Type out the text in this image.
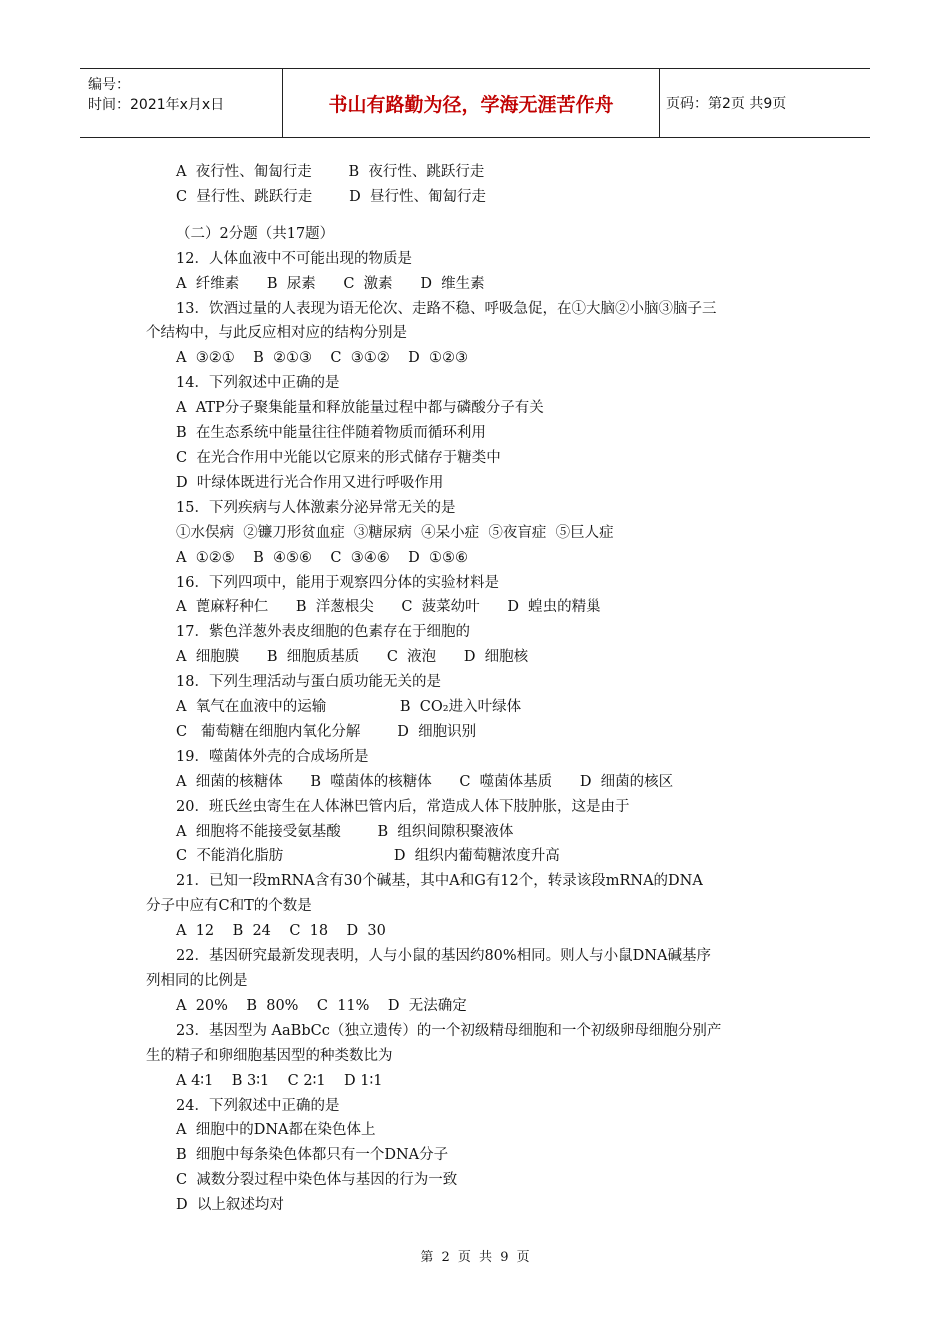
编号：
时间：2021年x月x日	书山有路勤为径，学海无涯苦作舟	页码：第2页 共9页
A  夜行性、匍匐行走        B  夜行性、跳跃行走
C  昼行性、跳跃行走        D  昼行性、匍匐行走
（二）2分题（共17题）
12．人体血液中不可能出现的物质是
A  纤维素      B  尿素      C  激素      D  维生素
13．饮酒过量的人表现为语无伦次、走路不稳、呼吸急促，在①大脑②小脑③脑子三
个结构中，与此反应相对应的结构分别是
A  ③②①    B  ②①③    C  ③①②    D  ①②③
14．下列叙述中正确的是
A  ATP分子聚集能量和释放能量过程中都与磷酸分子有关
B  在生态系统中能量往往伴随着物质而循环利用
C  在光合作用中光能以它原来的形式储存于糖类中
D  叶绿体既进行光合作用又进行呼吸作用
15．下列疾病与人体激素分泌异常无关的是
①水俣病  ②镰刀形贫血症  ③糖尿病  ④呆小症  ⑤夜盲症  ⑤巨人症
A  ①②⑤    B  ④⑤⑥    C  ③④⑥    D  ①⑤⑥
16．下列四项中，能用于观察四分体的实验材料是
A  蓖麻籽种仁      B  洋葱根尖      C  菠菜幼叶      D  蝗虫的精巢
17．紫色洋葱外表皮细胞的色素存在于细胞的
A  细胞膜      B  细胞质基质      C  液泡      D  细胞核
18．下列生理活动与蛋白质功能无关的是
A  氧气在血液中的运输                B  CO₂进入叶绿体
C   葡萄糖在细胞内氧化分解        D  细胞识别
19．噬菌体外壳的合成场所是
A  细菌的核糖体      B  噬菌体的核糖体      C  噬菌体基质      D  细菌的核区
20．班氏丝虫寄生在人体淋巴管内后，常造成人体下肢肿胀，这是由于
A  细胞将不能接受氨基酸        B  组织间隙积聚液体
C  不能消化脂肪                        D  组织内葡萄糖浓度升高
21．已知一段mRNA含有30个碱基，其中A和G有12个，转录该段mRNA的DNA
分子中应有C和T的个数是
A  12    B  24    C  18    D  30
22．基因研究最新发现表明，人与小鼠的基因约80%相同。则人与小鼠DNA碱基序
列相同的比例是
A  20%    B  80%    C  11%    D  无法确定
23．基因型为 AaBbCc（独立遗传）的一个初级精母细胞和一个初级卵母细胞分别产
生的精子和卵细胞基因型的种类数比为
A 4∶1    B 3∶1    C 2∶1    D 1∶1
24．下列叙述中正确的是
A  细胞中的DNA都在染色体上
B  细胞中每条染色体都只有一个DNA分子
C  减数分裂过程中染色体与基因的行为一致
D  以上叙述均对
第 2 页 共 9 页
